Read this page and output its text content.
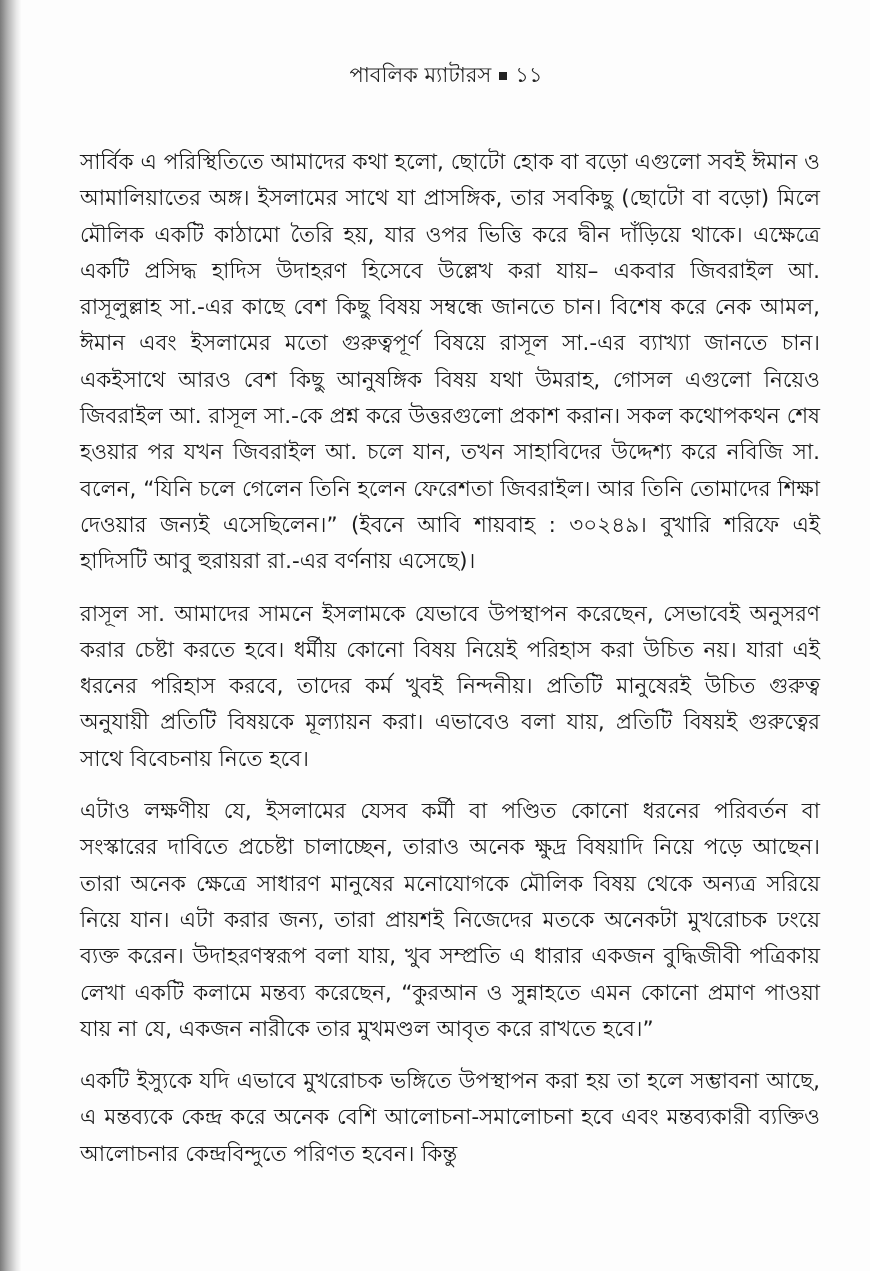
পাবলিক ম্যাটারস ১১

সার্বিক এ পরিস্থিতিতে আমাদের কথা হলো, ছোটো হোক বা বড়ো এগুলো সবই ঈমান ও আমালিয়াতের অঙ্গ। ইসলামের সাথে যা প্রাসঙ্গিক, তার সবকিছু (ছোটো বা বড়ো) মিলে মৌলিক একটি কাঠামো তৈরি হয়, যার ওপর ভিত্তি করে দ্বীন দাঁড়িয়ে থাকে। এক্ষেত্রে একটি প্রসিদ্ধ হাদিস উদাহরণ হিসেবে উল্লেখ করা যায়– একবার জিবরাইল আ. রাসূলুল্লাহ সা.-এর কাছে বেশ কিছু বিষয় সম্বন্ধে জানতে চান। বিশেষ করে নেক আমল, ঈমান এবং ইসলামের মতো গুরুত্বপূর্ণ বিষয়ে রাসূল সা.-এর ব্যাখ্যা জানতে চান। একইসাথে আরও বেশ কিছু আনুষঙ্গিক বিষয় যথা উমরাহ, গোসল এগুলো নিয়েও জিবরাইল আ. রাসূল সা.-কে প্রশ্ন করে উত্তরগুলো প্রকাশ করান। সকল কথোপকথন শেষ হওয়ার পর যখন জিবরাইল আ. চলে যান, তখন সাহাবিদের উদ্দেশ্য করে নবিজি সা. বলেন, “যিনি চলে গেলেন তিনি হলেন ফেরেশতা জিবরাইল। আর তিনি তোমাদের শিক্ষা দেওয়ার জন্যই এসেছিলেন।” (ইবনে আবি শায়বাহ : ৩০২৪৯। বুখারি শরিফে এই হাদিসটি আবু হুরায়রা রা.-এর বর্ণনায় এসেছে)।

রাসূল সা. আমাদের সামনে ইসলামকে যেভাবে উপস্থাপন করেছেন, সেভাবেই অনুসরণ করার চেষ্টা করতে হবে। ধর্মীয় কোনো বিষয় নিয়েই পরিহাস করা উচিত নয়। যারা এই ধরনের পরিহাস করবে, তাদের কর্ম খুবই নিন্দনীয়। প্রতিটি মানুষেরই উচিত গুরুত্ব অনুযায়ী প্রতিটি বিষয়কে মূল্যায়ন করা। এভাবেও বলা যায়, প্রতিটি বিষয়ই গুরুত্বের সাথে বিবেচনায় নিতে হবে।

এটাও লক্ষণীয় যে, ইসলামের যেসব কর্মী বা পণ্ডিত কোনো ধরনের পরিবর্তন বা সংস্কারের দাবিতে প্রচেষ্টা চালাচ্ছেন, তারাও অনেক ক্ষুদ্র বিষয়াদি নিয়ে পড়ে আছেন। তারা অনেক ক্ষেত্রে সাধারণ মানুষের মনোযোগকে মৌলিক বিষয় থেকে অন্যত্র সরিয়ে নিয়ে যান। এটা করার জন্য, তারা প্রায়শই নিজেদের মতকে অনেকটা মুখরোচক ঢংয়ে ব্যক্ত করেন। উদাহরণস্বরূপ বলা যায়, খুব সম্প্রতি এ ধারার একজন বুদ্ধিজীবী পত্রিকায় লেখা একটি কলামে মন্তব্য করেছেন, “কুরআন ও সুন্নাহতে এমন কোনো প্রমাণ পাওয়া যায় না যে, একজন নারীকে তার মুখমণ্ডল আবৃত করে রাখতে হবে।”

একটি ইস্যুকে যদি এভাবে মুখরোচক ভঙ্গিতে উপস্থাপন করা হয় তা হলে সম্ভাবনা আছে, এ মন্তব্যকে কেন্দ্র করে অনেক বেশি আলোচনা-সমালোচনা হবে এবং মন্তব্যকারী ব্যক্তিও আলোচনার কেন্দ্রবিন্দুতে পরিণত হবেন। কিন্তু
